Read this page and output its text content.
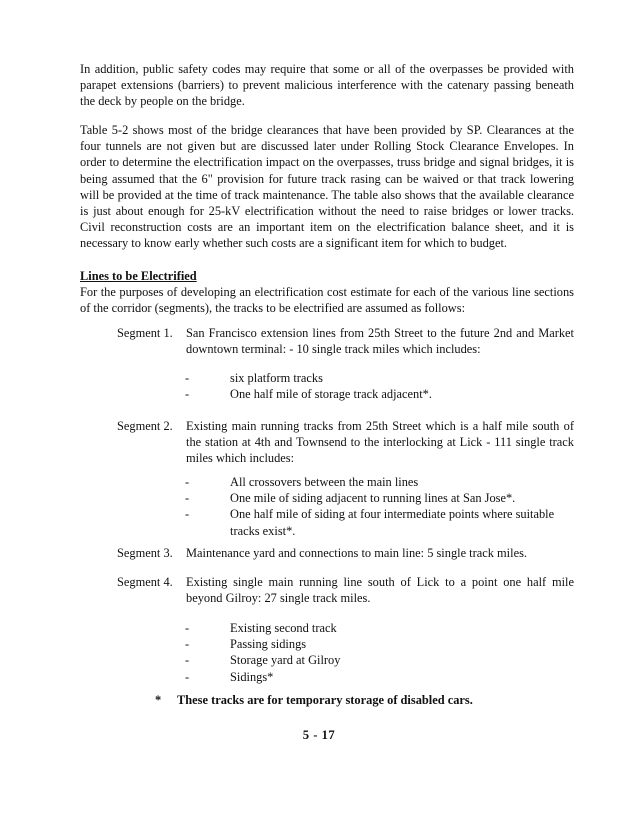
In addition, public safety codes may require that some or all of the overpasses be provided with parapet extensions (barriers) to prevent malicious interference with the catenary passing beneath the deck by people on the bridge.

Table 5-2 shows most of the bridge clearances that have been provided by SP. Clearances at the four tunnels are not given but are discussed later under Rolling Stock Clearance Envelopes. In order to determine the electrification impact on the overpasses, truss bridge and signal bridges, it is being assumed that the 6" provision for future track rasing can be waived or that track lowering will be provided at the time of track maintenance. The table also shows that the available clearance is just about enough for 25-kV electrification without the need to raise bridges or lower tracks. Civil reconstruction costs are an important item on the electrification balance sheet, and it is necessary to know early whether such costs are a significant item for which to budget.

Lines to be Electrified
For the purposes of developing an electrification cost estimate for each of the various line sections of the corridor (segments), the tracks to be electrified are assumed as follows:

Segment 1.	San Francisco extension lines from 25th Street to the future 2nd and Market downtown terminal: - 10 single track miles which includes:
-	six platform tracks
-	One half mile of storage track adjacent*.
Segment 2.	Existing main running tracks from 25th Street which is a half mile south of the station at 4th and Townsend to the interlocking at Lick - 111 single track miles which includes:
-	All crossovers between the main lines
-	One mile of siding adjacent to running lines at San Jose*.
-	One half mile of siding at four intermediate points where suitable tracks exist*.
Segment 3.	Maintenance yard and connections to main line: 5 single track miles.
Segment 4.	Existing single main running line south of Lick to a point one half mile beyond Gilroy: 27 single track miles.
-	Existing second track
-	Passing sidings
-	Storage yard at Gilroy
-	Sidings*
* These tracks are for temporary storage of disabled cars.
5 - 17
